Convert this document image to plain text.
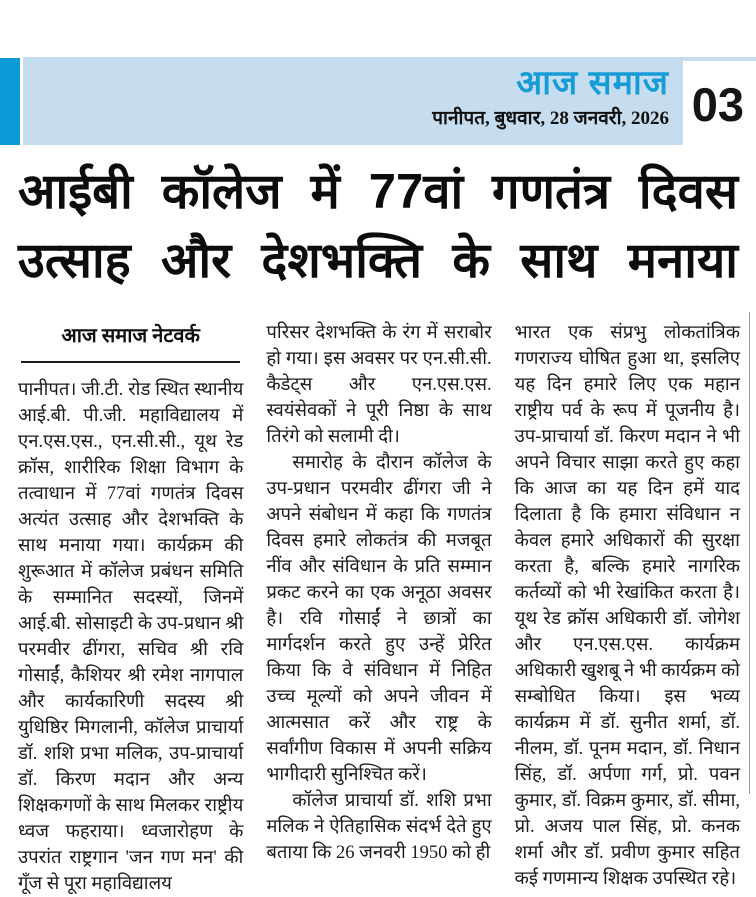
आज समाज
पानीपत, बुधवार, 28 जनवरी, 2026 03
आईबी कॉलेज में 77वां गणतंत्र दिवस
उत्साह और देशभक्ति के साथ मनाया
आज समाज नेटवर्क

पानीपत। जी.टी. रोड स्थित स्थानीय आई.बी. पी.जी. महाविद्यालय में एन.एस.एस., एन.सी.सी., यूथ रेड क्रॉस, शारीरिक शिक्षा विभाग के तत्वाधान में 77वां गणतंत्र दिवस अत्यंत उत्साह और देशभक्ति के साथ मनाया गया। कार्यक्रम की शुरूआत में कॉलेज प्रबंधन समिति के सम्मानित सदस्यों, जिनमें आई.बी. सोसाइटी के उप-प्रधान श्री परमवीर ढींगरा, सचिव श्री रवि गोसाईं, कैशियर श्री रमेश नागपाल और कार्यकारिणी सदस्य श्री युधिष्ठिर मिगलानी, कॉलेज प्राचार्या डॉ. शशि प्रभा मलिक, उप-प्राचार्या डॉ. किरण मदान और अन्य शिक्षकगणों के साथ मिलकर राष्ट्रीय ध्वज फहराया। ध्वजारोहण के उपरांत राष्ट्रगान 'जन गण मन' की गूँज से पूरा महाविद्यालय

परिसर देशभक्ति के रंग में सराबोर हो गया। इस अवसर पर एन.सी.सी. कैडेट्स और एन.एस.एस. स्वयंसेवकों ने पूरी निष्ठा के साथ तिरंगे को सलामी दी।

समारोह के दौरान कॉलेज के उप-प्रधान परमवीर ढींगरा जी ने अपने संबोधन में कहा कि गणतंत्र दिवस हमारे लोकतंत्र की मजबूत नींव और संविधान के प्रति सम्मान प्रकट करने का एक अनूठा अवसर है। रवि गोसाईं ने छात्रों का मार्गदर्शन करते हुए उन्हें प्रेरित किया कि वे संविधान में निहित उच्च मूल्यों को अपने जीवन में आत्मसात करें और राष्ट्र के सर्वांगीण विकास में अपनी सक्रिय भागीदारी सुनिश्चित करें।

कॉलेज प्राचार्या डॉ. शशि प्रभा मलिक ने ऐतिहासिक संदर्भ देते हुए बताया कि 26 जनवरी 1950 को ही

भारत एक संप्रभु लोकतांत्रिक गणराज्य घोषित हुआ था, इसलिए यह दिन हमारे लिए एक महान राष्ट्रीय पर्व के रूप में पूजनीय है। उप-प्राचार्या डॉ. किरण मदान ने भी अपने विचार साझा करते हुए कहा कि आज का यह दिन हमें याद दिलाता है कि हमारा संविधान न केवल हमारे अधिकारों की सुरक्षा करता है, बल्कि हमारे नागरिक कर्तव्यों को भी रेखांकित करता है। यूथ रेड क्रॉस अधिकारी डॉ. जोगेश और एन.एस.एस. कार्यक्रम अधिकारी खुशबू ने भी कार्यक्रम को सम्बोधित किया। इस भव्य कार्यक्रम में डॉ. सुनीत शर्मा, डॉ. नीलम, डॉ. पूनम मदान, डॉ. निधान सिंह, डॉ. अर्पणा गर्ग, प्रो. पवन कुमार, डॉ. विक्रम कुमार, डॉ. सीमा, प्रो. अजय पाल सिंह, प्रो. कनक शर्मा और डॉ. प्रवीण कुमार सहित कई गणमान्य शिक्षक उपस्थित रहे।
